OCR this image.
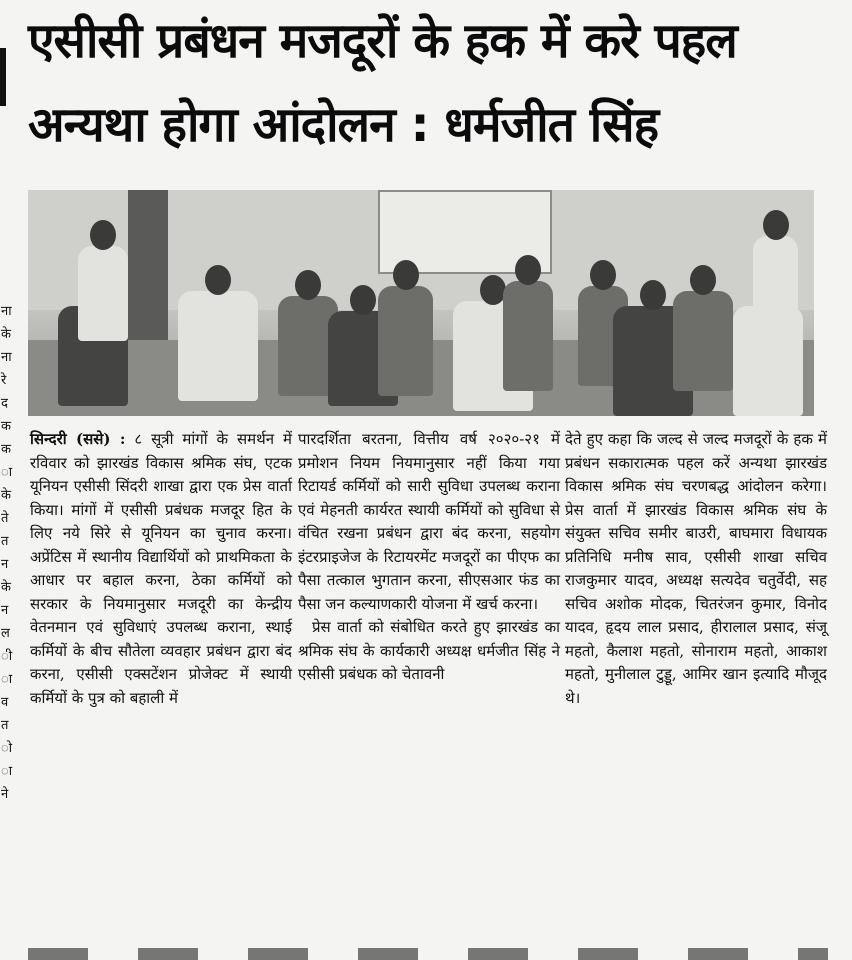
ना
के
ना
रे
द
क
क
ा
के
ते
त
न
के
न
ल
ी
ा
व
त
ो
ा
ने
एसीसी प्रबंधन मजदूरों के हक में करे पहल
अन्यथा होगा आंदोलन : धर्मजीत सिंह

सिन्दरी (ससे) : ८ सूत्री मांगों के समर्थन में रविवार को झारखंड विकास श्रमिक संघ, एटक यूनियन एसीसी सिंदरी शाखा द्वारा एक प्रेस वार्ता किया। मांगों में एसीसी प्रबंधक मजदूर हित के लिए नये सिरे से यूनियन का चुनाव करना। अप्रेंटिस में स्थानीय विद्यार्थियों को प्राथमिकता के आधार पर बहाल करना, ठेका कर्मियों को सरकार के नियमानुसार मजदूरी का केन्द्रीय वेतनमान एवं सुविधाएं उपलब्ध कराना, स्थाई कर्मियों के बीच सौतेला व्यवहार प्रबंधन द्वारा बंद करना, एसीसी एक्सटेंशन प्रोजेक्ट में स्थायी कर्मियों के पुत्र को बहाली में

पारदर्शिता बरतना, वित्तीय वर्ष २०२०-२१ में प्रमोशन नियम नियमानुसार नहीं किया गया रिटायर्ड कर्मियों को सारी सुविधा उपलब्ध कराना एवं मेहनती कार्यरत स्थायी कर्मियों को सुविधा से वंचित रखना प्रबंधन द्वारा बंद करना, सहयोग इंटरप्राइजेज के रिटायरमेंट मजदूरों का पीएफ का पैसा तत्काल भुगतान करना, सीएसआर फंड का पैसा जन कल्याणकारी योजना में खर्च करना।

प्रेस वार्ता को संबोधित करते हुए झारखंड का श्रमिक संघ के कार्यकारी अध्यक्ष धर्मजीत सिंह ने एसीसी प्रबंधक को चेतावनी

देते हुए कहा कि जल्द से जल्द मजदूरों के हक में प्रबंधन सकारात्मक पहल करें अन्यथा झारखंड विकास श्रमिक संघ चरणबद्ध आंदोलन करेगा। प्रेस वार्ता में झारखंड विकास श्रमिक संघ के संयुक्त सचिव समीर बाउरी, बाघमारा विधायक प्रतिनिधि मनीष साव, एसीसी शाखा सचिव राजकुमार यादव, अध्यक्ष सत्यदेव चतुर्वेदी, सह सचिव अशोक मोदक, चितरंजन कुमार, विनोद यादव, हृदय लाल प्रसाद, हीरालाल प्रसाद, संजू महतो, कैलाश महतो, सोनाराम महतो, आकाश महतो, मुनीलाल टुड्डू, आमिर खान इत्यादि मौजूद थे।
